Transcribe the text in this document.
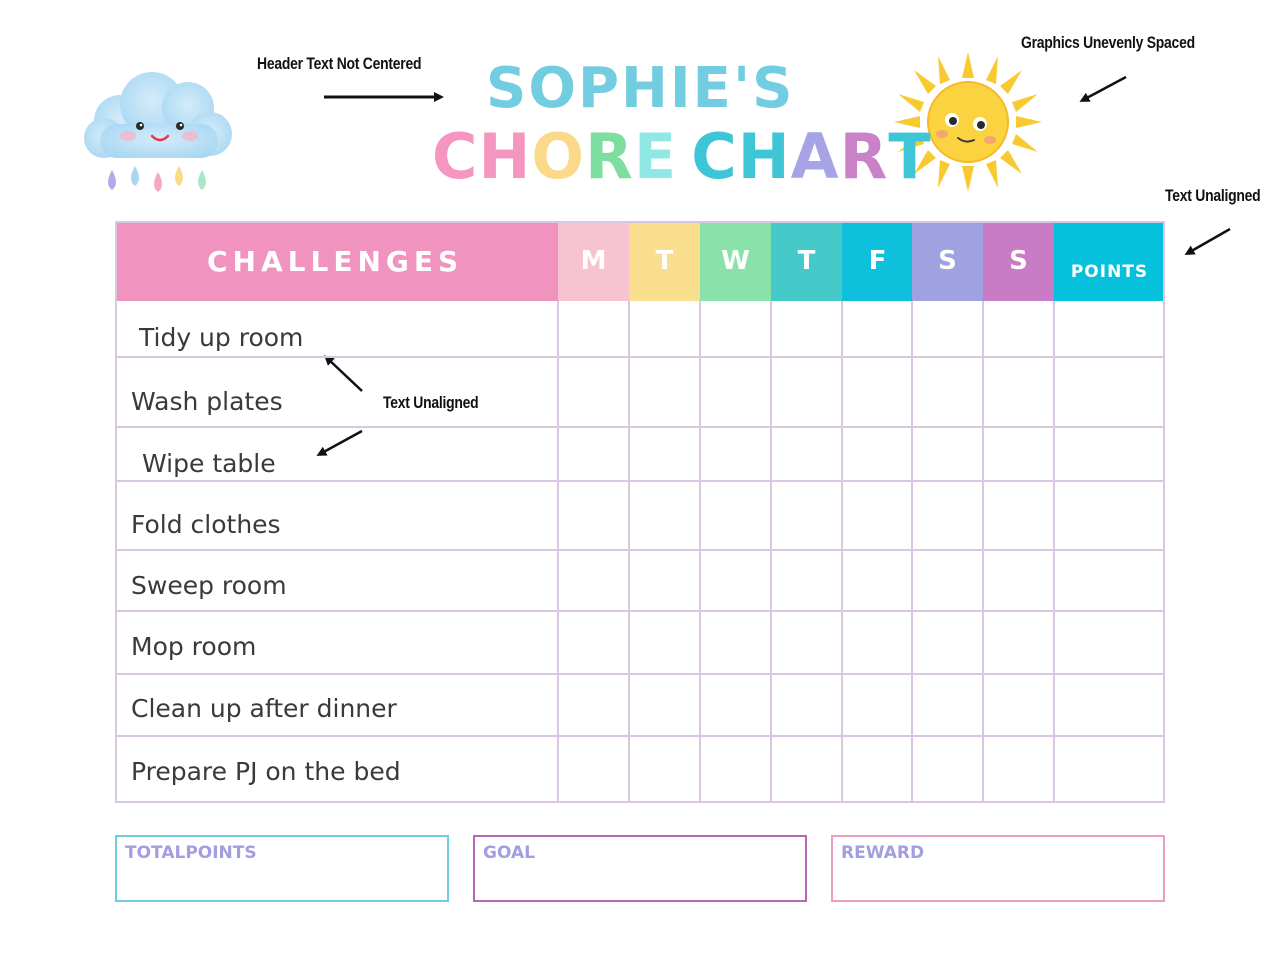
Header Text Not Centered
Graphics Unevenly Spaced
Text Unaligned
Text Unaligned
SOPHIE'S
CHORE CHART
CHALLENGES	M	T	W	T	F	S	S	POINTS
Tidy up room
Wash plates
Wipe table
Fold clothes
Sweep room
Mop room
Clean up after dinner
Prepare PJ on the bed
TOTALPOINTS	GOAL	REWARD
